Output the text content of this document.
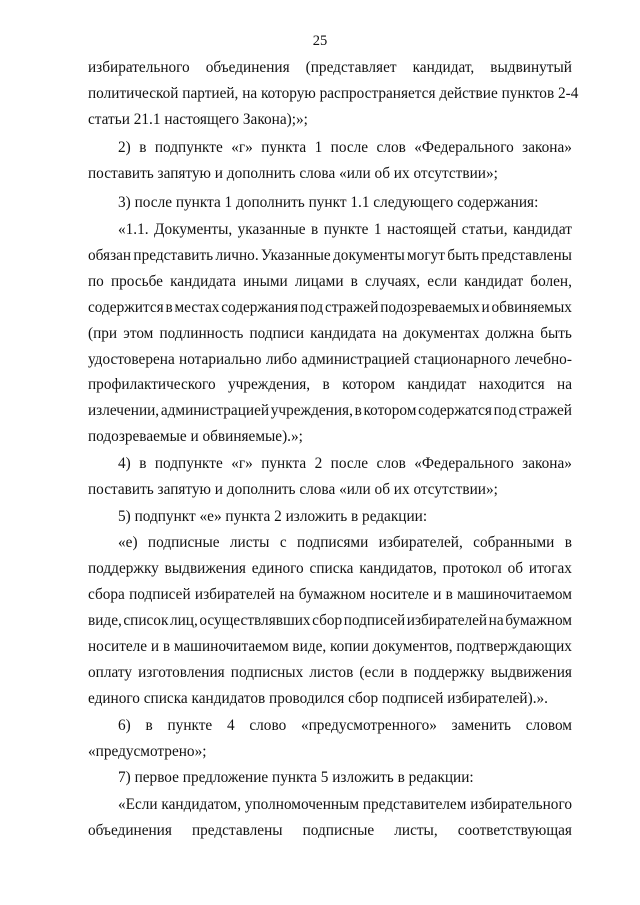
25
избирательного объединения (представляет кандидат, выдвинутый
политической партией, на которую распространяется действие пунктов 2-4
статьи 21.1 настоящего Закона);»;
2) в подпункте «г» пункта 1 после слов «Федерального закона»
поставить запятую и дополнить слова «или об их отсутствии»;
3) после пункта 1 дополнить пункт 1.1 следующего содержания:
«1.1. Документы, указанные в пункте 1 настоящей статьи, кандидат
обязан представить лично. Указанные документы могут быть представлены
по просьбе кандидата иными лицами в случаях, если кандидат болен,
содержится в местах содержания под стражей подозреваемых и обвиняемых
(при этом подлинность подписи кандидата на документах должна быть
удостоверена нотариально либо администрацией стационарного лечебно-
профилактического учреждения, в котором кандидат находится на
излечении, администрацией учреждения, в котором содержатся под стражей
подозреваемые и обвиняемые).»;
4) в подпункте «г» пункта 2 после слов «Федерального закона»
поставить запятую и дополнить слова «или об их отсутствии»;
5) подпункт «е» пункта 2 изложить в редакции:
«е) подписные листы с подписями избирателей, собранными в
поддержку выдвижения единого списка кандидатов, протокол об итогах
сбора подписей избирателей на бумажном носителе и в машиночитаемом
виде, список лиц, осуществлявших сбор подписей избирателей на бумажном
носителе и в машиночитаемом виде, копии документов, подтверждающих
оплату изготовления подписных листов (если в поддержку выдвижения
единого списка кандидатов проводился сбор подписей избирателей).».
6) в пункте 4 слово «предусмотренного» заменить словом
«предусмотрено»;
7) первое предложение пункта 5 изложить в редакции:
«Если кандидатом, уполномоченным представителем избирательного
объединения представлены подписные листы, соответствующая
